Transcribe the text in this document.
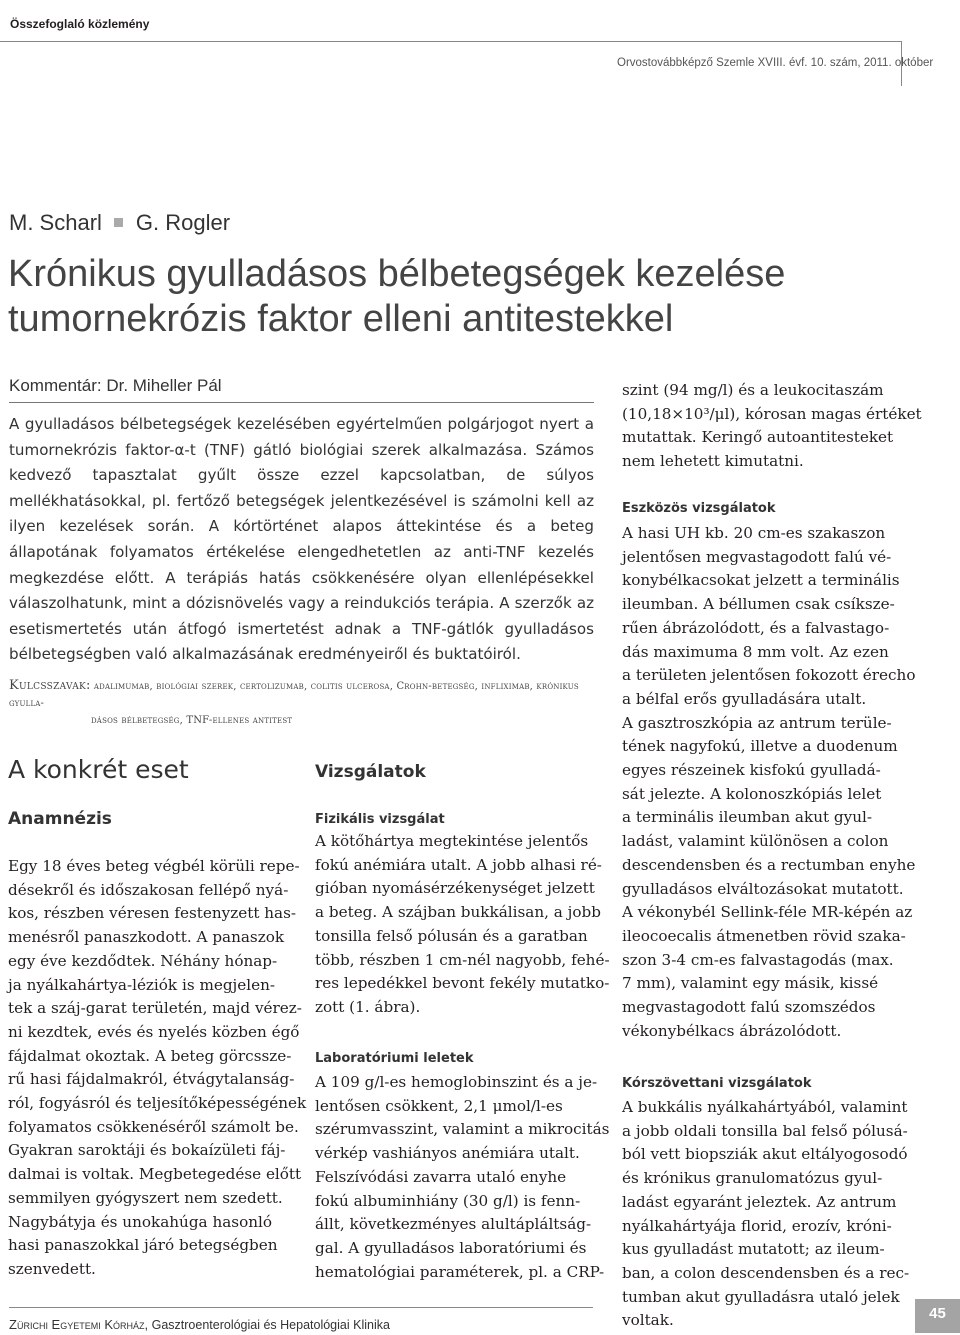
Összefoglaló közlemény
Orvostovábbképző Szemle XVIII. évf. 10. szám, 2011. október
M. Scharl G. Rogler
Krónikus gyulladásos bélbetegségek kezelése
tumornekrózis faktor elleni antitestekkel
Kommentár: Dr. Miheller Pál

A gyulladásos bélbetegségek kezelésében egyértelműen polgárjogot nyert a tumornekrózis faktor-α-t (TNF) gátló biológiai szerek alkalmazása. Számos kedvező tapasztalat gyűlt össze ezzel kapcsolatban, de súlyos mellékhatásokkal, pl. fertőző betegségek jelentkezésével is számolni kell az ilyen kezelések során. A kórtörténet alapos áttekintése és a beteg állapotának folyamatos értékelése elengedhetetlen az anti-TNF kezelés megkezdése előtt. A terápiás hatás csökkenésére olyan ellenlépésekkel válaszolhatunk, mint a dózisnövelés vagy a reindukciós terápia. A szerzők az esetismertetés után átfogó ismertetést adnak a TNF-gátlók gyulladásos bélbetegségben való alkalmazásának eredményeiről és buktatóiról.

Kulcsszavak: adalimumab, biológiai szerek, certolizumab, colitis ulcerosa, Crohn-betegség, infliximab, krónikus gyulla-
dásos bélbetegség, TNF-ellenes antitest
A konkrét eset
Anamnézis
Egy 18 éves beteg végbél körüli repe-
désekről és időszakosan fellépő nyá-
kos, részben véresen festenyzett has-
menésről panaszkodott. A panaszok
egy éve kezdődtek. Néhány hónap-
ja nyálkahártya-léziók is megjelen-
tek a száj-garat területén, majd vérez-
ni kezdtek, evés és nyelés közben égő
fájdalmat okoztak. A beteg görcssze-
rű hasi fájdalmakról, étvágytalanság-
ról, fogyásról és teljesítőképességének
folyamatos csökkenéséről számolt be.
Gyakran saroktáji és bokaízületi fáj-
dalmai is voltak. Megbetegedése előtt
semmilyen gyógyszert nem szedett.
Nagybátyja és unokahúga hasonló
hasi panaszokkal járó betegségben
szenvedett.
Vizsgálatok
Fizikális vizsgálat
A kötőhártya megtekintése jelentős
fokú anémiára utalt. A jobb alhasi ré-
gióban nyomásérzékenységet jelzett
a beteg. A szájban bukkálisan, a jobb
tonsilla felső pólusán és a garatban
több, részben 1 cm-nél nagyobb, fehé-
res lepedékkel bevont fekély mutatko-
zott (1. ábra).
Laboratóriumi leletek
A 109 g/l-es hemoglobinszint és a je-
lentősen csökkent, 2,1 μmol/l-es
szérumvasszint, valamint a mikrocitás
vérkép vashiányos anémiára utalt.
Felszívódási zavarra utaló enyhe
fokú albuminhiány (30 g/l) is fenn-
állt, következményes alultápláltság-
gal. A gyulladásos laboratóriumi és
hematológiai paraméterek, pl. a CRP-
szint (94 mg/l) és a leukocitaszám
(10,18×10³/μl), kórosan magas értéket
mutattak. Keringő autoantitesteket
nem lehetett kimutatni.
Eszközös vizsgálatok
A hasi UH kb. 20 cm-es szakaszon
jelentősen megvastagodott falú vé-
konybélkacsokat jelzett a terminális
ileumban. A béllumen csak csíksze-
rűen ábrázolódott, és a falvastago-
dás maximuma 8 mm volt. Az ezen
a területen jelentősen fokozott érecho
a bélfal erős gyulladására utalt.
A gasztroszkópia az antrum terüle-
tének nagyfokú, illetve a duodenum
egyes részeinek kisfokú gyulladá-
sát jelezte. A kolonoszkópiás lelet
a terminális ileumban akut gyul-
ladást, valamint különösen a colon
descendensben és a rectumban enyhe
gyulladásos elváltozásokat mutatott.
A vékonybél Sellink-féle MR-képén az
ileocoecalis átmenetben rövid szaka-
szon 3-4 cm-es falvastagodás (max.
7 mm), valamint egy másik, kissé
megvastagodott falú szomszédos
vékonybélkacs ábrázolódott.
Kórszövettani vizsgálatok
A bukkális nyálkahártyából, valamint
a jobb oldali tonsilla bal felső pólusá-
ból vett biopsziák akut eltályogosodó
és krónikus granulomatózus gyul-
ladást egyaránt jeleztek. Az antrum
nyálkahártyája florid, erozív, króni-
kus gyulladást mutatott; az ileum-
ban, a colon descendensben és a rec-
tumban akut gyulladásra utaló jelek
voltak.
Zürichi Egyetemi Kórház, Gasztroenterológiai és Hepatológiai Klinika
45
